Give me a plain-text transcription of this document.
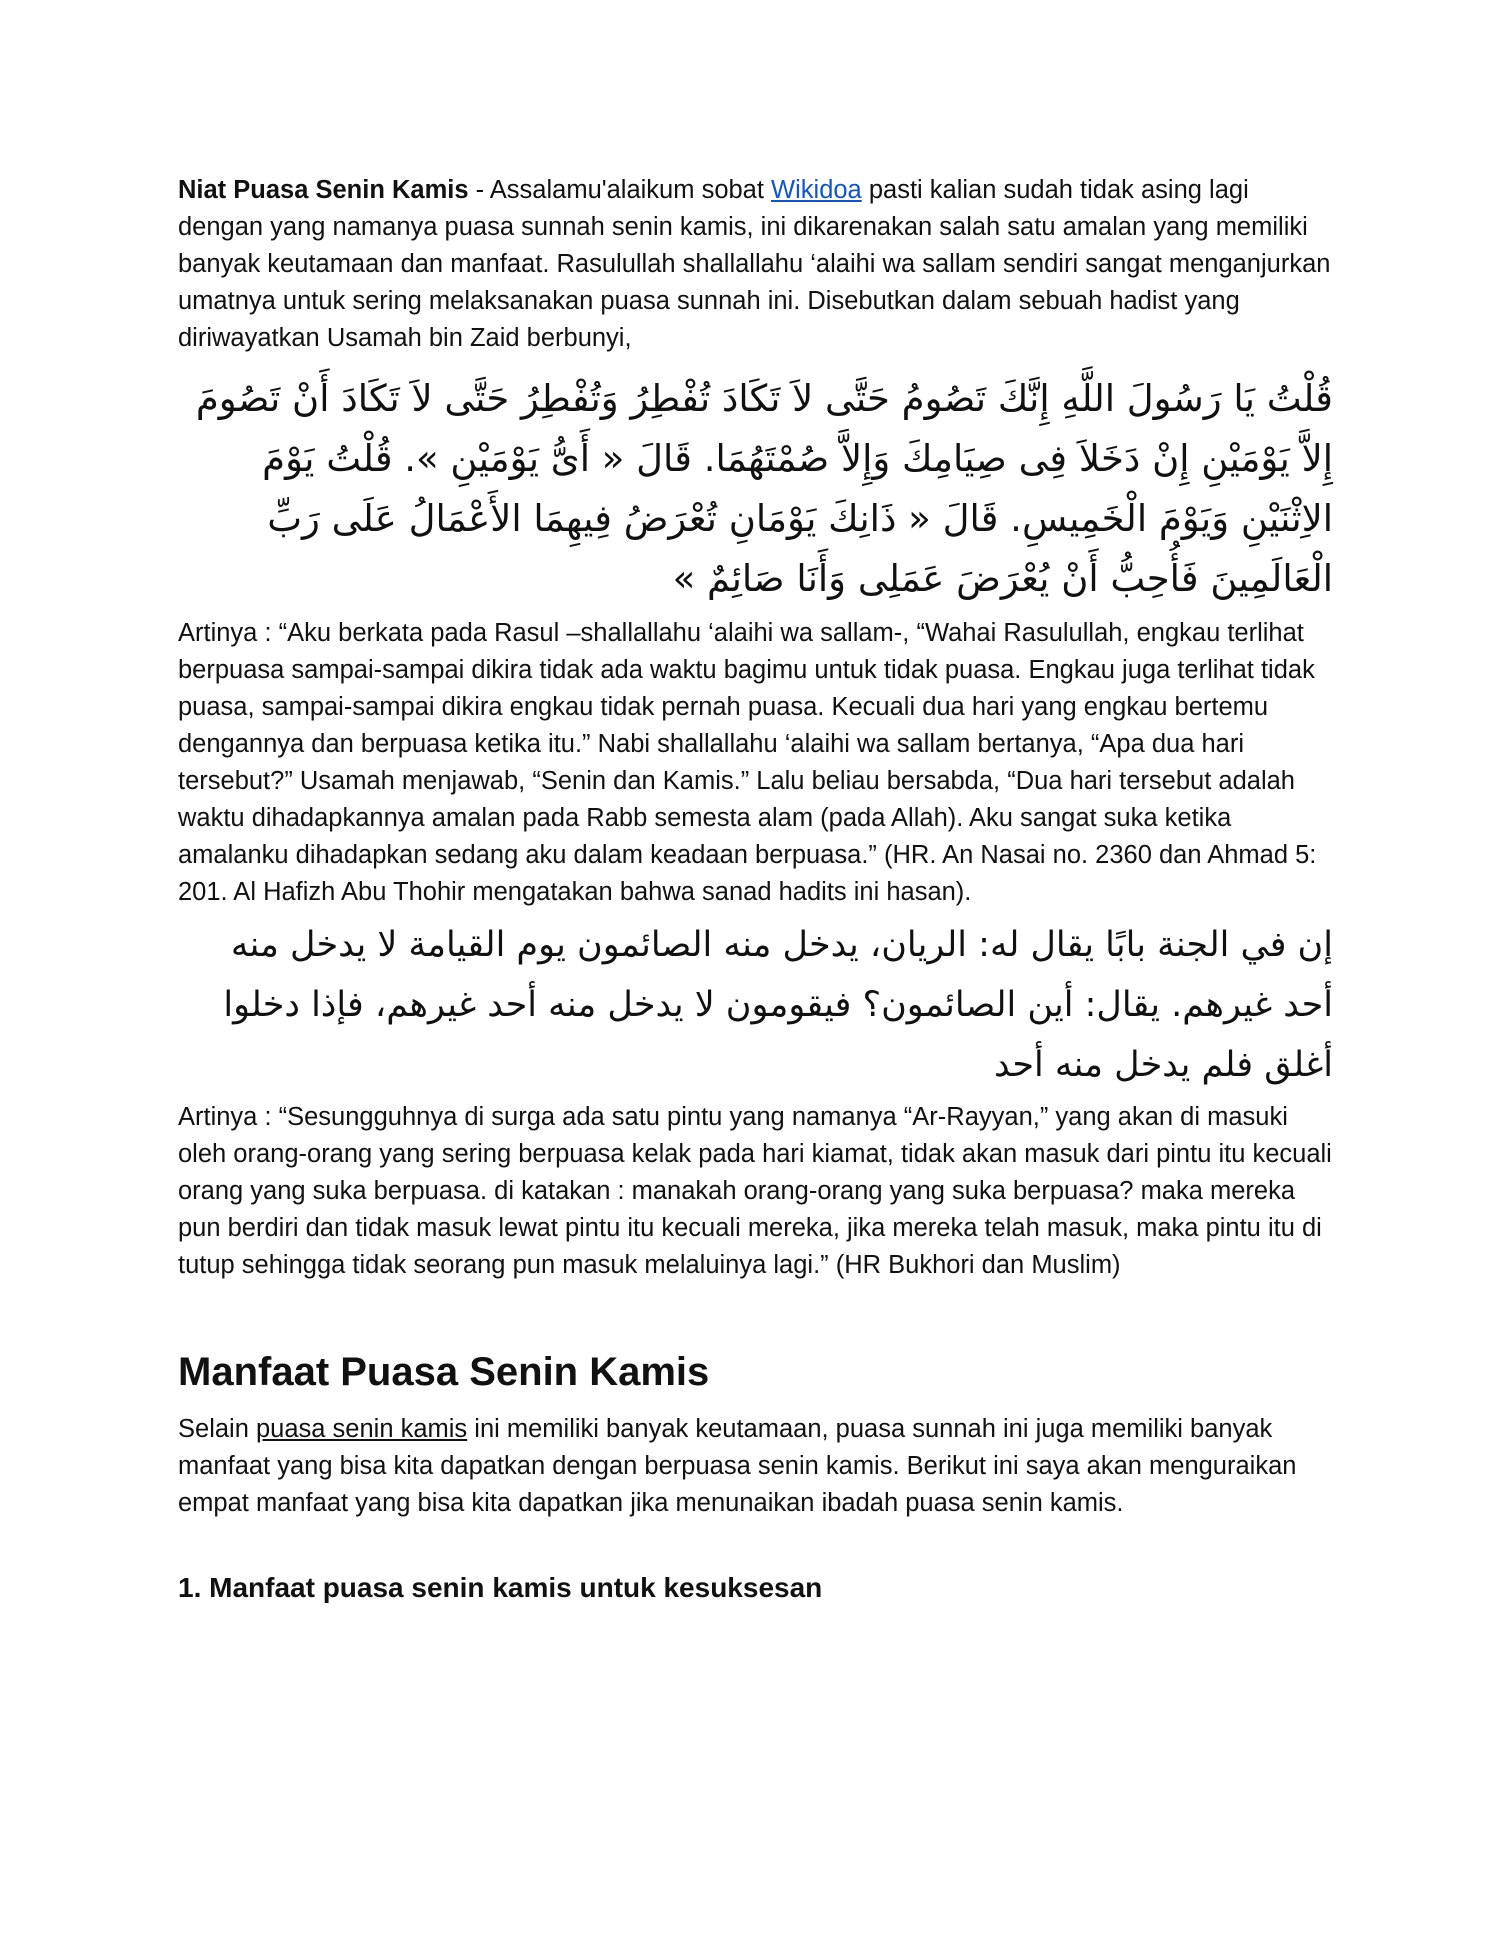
Niat Puasa Senin Kamis - Assalamu'alaikum sobat Wikidoa pasti kalian sudah tidak asing lagi dengan yang namanya puasa sunnah senin kamis, ini dikarenakan salah satu amalan yang memiliki banyak keutamaan dan manfaat. Rasulullah shallallahu ‘alaihi wa sallam sendiri sangat menganjurkan umatnya untuk sering melaksanakan puasa sunnah ini. Disebutkan dalam sebuah hadist yang diriwayatkan Usamah bin Zaid berbunyi,

قُلْتُ يَا رَسُولَ اللَّهِ إِنَّكَ تَصُومُ حَتَّى لاَ تَكَادَ تُفْطِرُ وَتُفْطِرُ حَتَّى لاَ تَكَادَ أَنْ تَصُومَ إِلاَّ يَوْمَيْنِ إِنْ دَخَلاَ فِى صِيَامِكَ وَإِلاَّ صُمْتَهُمَا. قَالَ « أَىُّ يَوْمَيْنِ ». قُلْتُ يَوْمَ الاِثْنَيْنِ وَيَوْمَ الْخَمِيسِ. قَالَ « ذَانِكَ يَوْمَانِ تُعْرَضُ فِيهِمَا الأَعْمَالُ عَلَى رَبِّ الْعَالَمِينَ فَأُحِبُّ أَنْ يُعْرَضَ عَمَلِى وَأَنَا صَائِمٌ »

Artinya : “Aku berkata pada Rasul –shallallahu ‘alaihi wa sallam-, “Wahai Rasulullah, engkau terlihat berpuasa sampai-sampai dikira tidak ada waktu bagimu untuk tidak puasa. Engkau juga terlihat tidak puasa, sampai-sampai dikira engkau tidak pernah puasa. Kecuali dua hari yang engkau bertemu dengannya dan berpuasa ketika itu.” Nabi shallallahu ‘alaihi wa sallam bertanya, “Apa dua hari tersebut?” Usamah menjawab, “Senin dan Kamis.” Lalu beliau bersabda, “Dua hari tersebut adalah waktu dihadapkannya amalan pada Rabb semesta alam (pada Allah). Aku sangat suka ketika amalanku dihadapkan sedang aku dalam keadaan berpuasa.” (HR. An Nasai no. 2360 dan Ahmad 5: 201. Al Hafizh Abu Thohir mengatakan bahwa sanad hadits ini hasan).

إن في الجنة بابًا يقال له: الريان، يدخل منه الصائمون يوم القيامة لا يدخل منه أحد غيرهم. يقال: أين الصائمون؟ فيقومون لا يدخل منه أحد غيرهم، فإذا دخلوا أغلق فلم يدخل منه أحد

Artinya : “Sesungguhnya di surga ada satu pintu yang namanya “Ar-Rayyan,” yang akan di masuki oleh orang-orang yang sering berpuasa kelak pada hari kiamat, tidak akan masuk dari pintu itu kecuali orang yang suka berpuasa. di katakan : manakah orang-orang yang suka berpuasa? maka mereka pun berdiri dan tidak masuk lewat pintu itu kecuali mereka, jika mereka telah masuk, maka pintu itu di tutup sehingga tidak seorang pun masuk melaluinya lagi.” (HR Bukhori dan Muslim)

Manfaat Puasa Senin Kamis

Selain puasa senin kamis ini memiliki banyak keutamaan, puasa sunnah ini juga memiliki banyak manfaat yang bisa kita dapatkan dengan berpuasa senin kamis. Berikut ini saya akan menguraikan empat manfaat yang bisa kita dapatkan jika menunaikan ibadah puasa senin kamis.

1. Manfaat puasa senin kamis untuk kesuksesan
